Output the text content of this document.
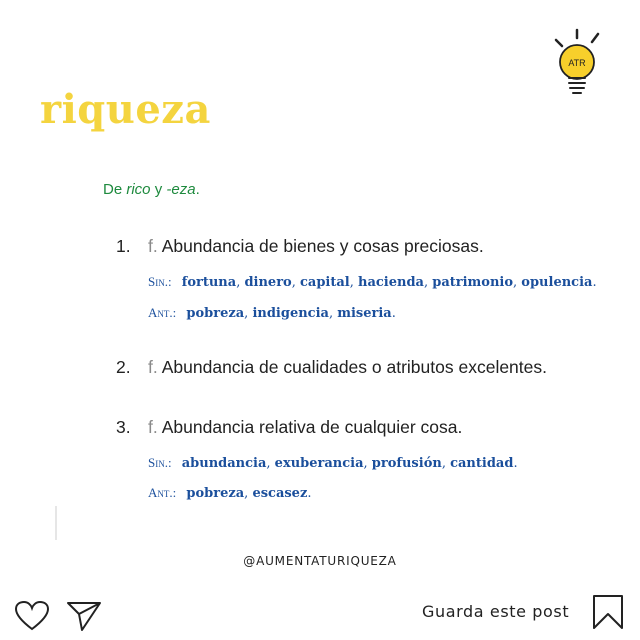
ATR
riqueza
De rico y -eza.
1. f. Abundancia de bienes y cosas preciosas.
Sin.: fortuna, dinero, capital, hacienda, patrimonio, opulencia.
Ant.: pobreza, indigencia, miseria.
2. f. Abundancia de cualidades o atributos excelentes.
3. f. Abundancia relativa de cualquier cosa.
Sin.: abundancia, exuberancia, profusión, cantidad.
Ant.: pobreza, escasez.
@AUMENTATURIQUEZA
Guarda este post
